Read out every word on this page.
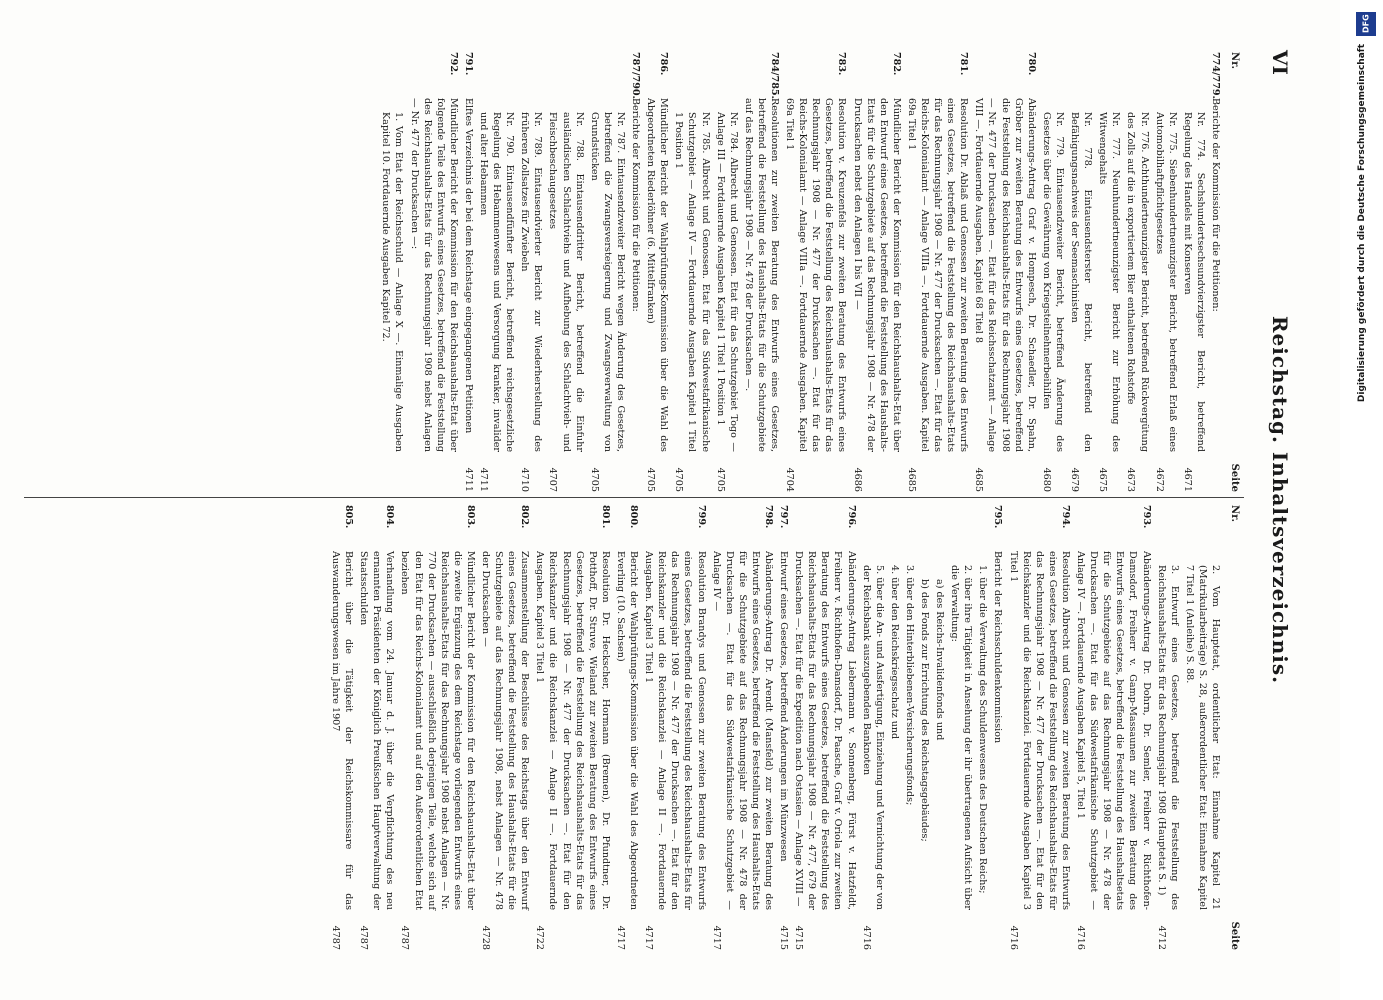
VI
Reichstag. Inhaltsverzeichnis.
Nr.
Seite
Nr.
Seite
774/779.
Berichte der Kommission für die Petitionen:
Nr. 774. Sechshundertsechsundvierzigster Bericht, betreffend Regelung des Handels mit Konserven
4671
Nr. 775. Siebenhundertneunzigster Bericht, betreffend Erlaß eines Automobilhaftpflichtgesetzes
4672
Nr. 776. Achthundertneunzigster Bericht, betreffend Rückvergütung des Zolls auf die in exportiertem Bier enthaltenen Rohstoffe
4673
Nr. 777. Neunhundertneunzigster Bericht zur Erhöhung des Witwengehalts
4675
Nr. 778. Eintausendsterster Bericht, betreffend den Befähigungsnachweis der Seemaschinisten
4679
Nr. 779. Eintausendzweiter Bericht, betreffend Änderung des Gesetzes über die Gewährung von Kriegsteilnehmerbeihilfen
4680
780.
Abänderungs-Antrag Graf v. Hompesch, Dr. Schaedler, Dr. Spahn, Gröber zur zweiten Beratung des Entwurfs eines Gesetzes, betreffend die Feststellung des Reichshaushalts-Etats für das Rechnungsjahr 1908 — Nr. 477 der Drucksachen —. Etat für das Reichsschatzamt — Anlage VIII —. Fortdauernde Ausgaben. Kapitel 68 Titel 8
4685
781.
Resolution Dr. Ablaß und Genossen zur zweiten Beratung des Entwurfs eines Gesetzes, betreffend die Feststellung des Reichshaushalts-Etats für das Rechnungsjahr 1908 — Nr. 477 der Drucksachen —. Etat für das Reichs-Kolonialamt — Anlage VIIIa —. Fortdauernde Ausgaben. Kapitel 69a Titel 1
4685
782.
Mündlicher Bericht der Kommission für den Reichshaushalts-Etat über den Entwurf eines Gesetzes, betreffend die Feststellung des Haushalts-Etats für die Schutzgebiete auf das Rechnungsjahr 1908 — Nr. 478 der Drucksachen nebst den Anlagen I bis VII —
4686
783.
Resolution v. Kreuzenfels zur zweiten Beratung des Entwurfs eines Gesetzes, betreffend die Feststellung des Reichshaushalts-Etats für das Rechnungsjahr 1908 — Nr. 477 der Drucksachen —. Etat für das Reichs-Kolonialamt — Anlage VIIIa —. Fortdauernde Ausgaben. Kapitel 69a Titel 1
4704
784/785.
Resolutionen zur zweiten Beratung des Entwurfs eines Gesetzes, betreffend die Feststellung des Haushalts-Etats für die Schutzgebiete auf das Rechnungsjahr 1908 — Nr. 478 der Drucksachen —.
Nr. 784. Albrecht und Genossen. Etat für das Schutzgebiet Togo — Anlage III — Fortdauernde Ausgaben Kapitel 1 Titel 1 Position 1
4705
Nr. 785. Albrecht und Genossen. Etat für das Südwestafrikanische Schutzgebiet — Anlage IV — Fortdauernde Ausgaben Kapitel 1 Titel 1 Position 1
4705
786.
Mündlicher Bericht der Wahlprüfungs-Kommission über die Wahl des Abgeordneten Riederlöhner (6. Mittelfranken)
4705
787/790.
Berichte der Kommission für die Petitionen:
Nr. 787. Eintausendzweiter Bericht wegen Änderung des Gesetzes, betreffend die Zwangsversteigerung und Zwangsverwaltung von Grundstücken
4705
Nr. 788. Eintausenddritter Bericht, betreffend die Einfuhr ausländischen Schlachtviehs und Aufhebung des Schlachtvieh- und Fleischbeschaugesetzes
4707
Nr. 789. Eintausendvierter Bericht zur Wiederherstellung des früheren Zollsatzes für Zwiebeln
4710
Nr. 790. Eintausendfünfter Bericht, betreffend reichsgesetzliche Regelung des Hebammenwesens und Versorgung kranker, invalider und alter Hebammen
4711
791.
Elftes Verzeichnis der bei dem Reichstage eingegangenen Petitionen
4711
792.
Mündlicher Bericht der Kommission für den Reichshaushalts-Etat über folgende Teile des Entwurfs eines Gesetzes, betreffend die Feststellung des Reichshaushalts-Etats für das Rechnungsjahr 1908 nebst Anlagen — Nr. 477 der Drucksachen —:
1. Vom Etat der Reichsschuld — Anlage X —. Einmalige Ausgaben Kapitel 10. Fortdauernde Ausgaben Kapitel 72.
2. Vom Hauptetat, ordentlicher Etat: Einnahme Kapitel 21 (Matrikularbeiträge) S. 28, außerordentlicher Etat: Einnahme Kapitel 7 Titel 1 (Anleihe) S. 88.
3. Entwurf eines Gesetzes, betreffend die Feststellung des Reichshaushalts-Etats für das Rechnungsjahr 1908 (Hauptetat S. 1)
4712
793.
Abänderungs-Antrag Dr. Dohrn, Dr. Semler, Freiherr v. Richthofen-Damsdorf, Freiherr v. Gamp-Massaunen zur zweiten Beratung des Entwurfs eines Gesetzes, betreffend die Feststellung des Haushaltsetats für die Schutzgebiete auf das Rechnungsjahr 1908 — Nr. 478 der Drucksachen —. Etat für das Südwestafrikanische Schutzgebiet — Anlage IV —. Fortdauernde Ausgaben Kapitel 5, Titel 1
4716
794.
Resolution Albrecht und Genossen zur zweiten Beratung des Entwurfs eines Gesetzes, betreffend die Feststellung des Reichshaushalts-Etats für das Rechnungsjahr 1908 — Nr. 477 der Drucksachen —. Etat für den Reichskanzler und die Reichskanzlei. Fortdauernde Ausgaben Kapitel 3 Titel 1
4716
795.
Bericht der Reichsschuldenkommission
1. über die Verwaltung des Schuldenwesens des Deutschen Reichs;
2. über ihre Tätigkeit in Ansehung der ihr übertragenen Aufsicht über die Verwaltung:
a) des Reichs-Invalidenfonds und
b) des Fonds zur Errichtung des Reichstagsgebäudes;
3. über den Hinterbliebenen-Versicherungsfonds;
4. über den Reichskriegsschatz und
5. über die An- und Ausfertigung, Einziehung und Vernichtung der von der Reichsbank auszugebenden Banknoten
4716
796.
Abänderungs-Antrag Liebermann v. Sonnenberg, Fürst v. Hatzfeldt, Freiherr v. Richthofen-Damsdorf, Dr. Paasche, Graf v. Oriola zur zweiten Beratung des Entwurfs eines Gesetzes, betreffend die Feststellung des Reichshaushalts-Etats für das Rechnungsjahr 1908 — Nr. 477, 679 der Drucksachen —. Etat für die Expedition nach Ostasien — Anlage XVIII —
4715
797.
Entwurf eines Gesetzes, betreffend Änderungen im Münzwesen
4715
798.
Abänderungs-Antrag Dr. Arendt (Mansfeld) zur zweiten Beratung des Entwurfs eines Gesetzes, betreffend die Feststellung des Haushalts-Etats für die Schutzgebiete auf das Rechnungsjahr 1908 — Nr. 478 der Drucksachen —. Etat für das Südwestafrikanische Schutzgebiet — Anlage IV —
4717
799.
Resolution Brandys und Genossen zur zweiten Beratung des Entwurfs eines Gesetzes, betreffend die Feststellung des Reichshaushalts-Etats für das Rechnungsjahr 1908 — Nr. 477 der Drucksachen —. Etat für den Reichskanzler und die Reichskanzlei — Anlage II —. Fortdauernde Ausgaben. Kapitel 3 Titel 1
4717
800.
Bericht der Wahlprüfungs-Kommission über die Wahl des Abgeordneten Everling (10. Sachsen)
4717
801.
Resolution Dr. Heckscher, Hormann (Bremen), Dr. Pfundtner, Dr. Potthoff, Dr. Struve, Wieland zur zweiten Beratung des Entwurfs eines Gesetzes, betreffend die Feststellung des Reichshaushalts-Etats für das Rechnungsjahr 1908 — Nr. 477 der Drucksachen —. Etat für den Reichskanzler und die Reichskanzlei — Anlage II —. Fortdauernde Ausgaben. Kapitel 3 Titel 1
4722
802.
Zusammenstellung der Beschlüsse des Reichstags über den Entwurf eines Gesetzes, betreffend die Feststellung des Haushalts-Etats für die Schutzgebiete auf das Rechnungsjahr 1908, nebst Anlagen — Nr. 478 der Drucksachen —
4728
803.
Mündlicher Bericht der Kommission für den Reichshaushalts-Etat über die zweite Ergänzung des dem Reichstage vorliegenden Entwurfs eines Reichshaushalts-Etats für das Rechnungsjahr 1908 nebst Anlagen — Nr. 770 der Drucksachen — ausschließlich derjenigen Teile, welche sich auf den Etat für das Reichs-Kolonialamt und auf den Außerordentlichen Etat beziehen
4787
804.
Verhandlung vom 24. Januar d. J. über die Verpflichtung des neu ernannten Präsidenten der Königlich Preußischen Hauptverwaltung der Staatsschulden
4787
805.
Bericht über die Tätigkeit der Reichskommissare für das Auswanderungswesen im Jahre 1907
4787
DFG
Digitalisierung gefördert durch die Deutsche Forschungsgemeinschaft
